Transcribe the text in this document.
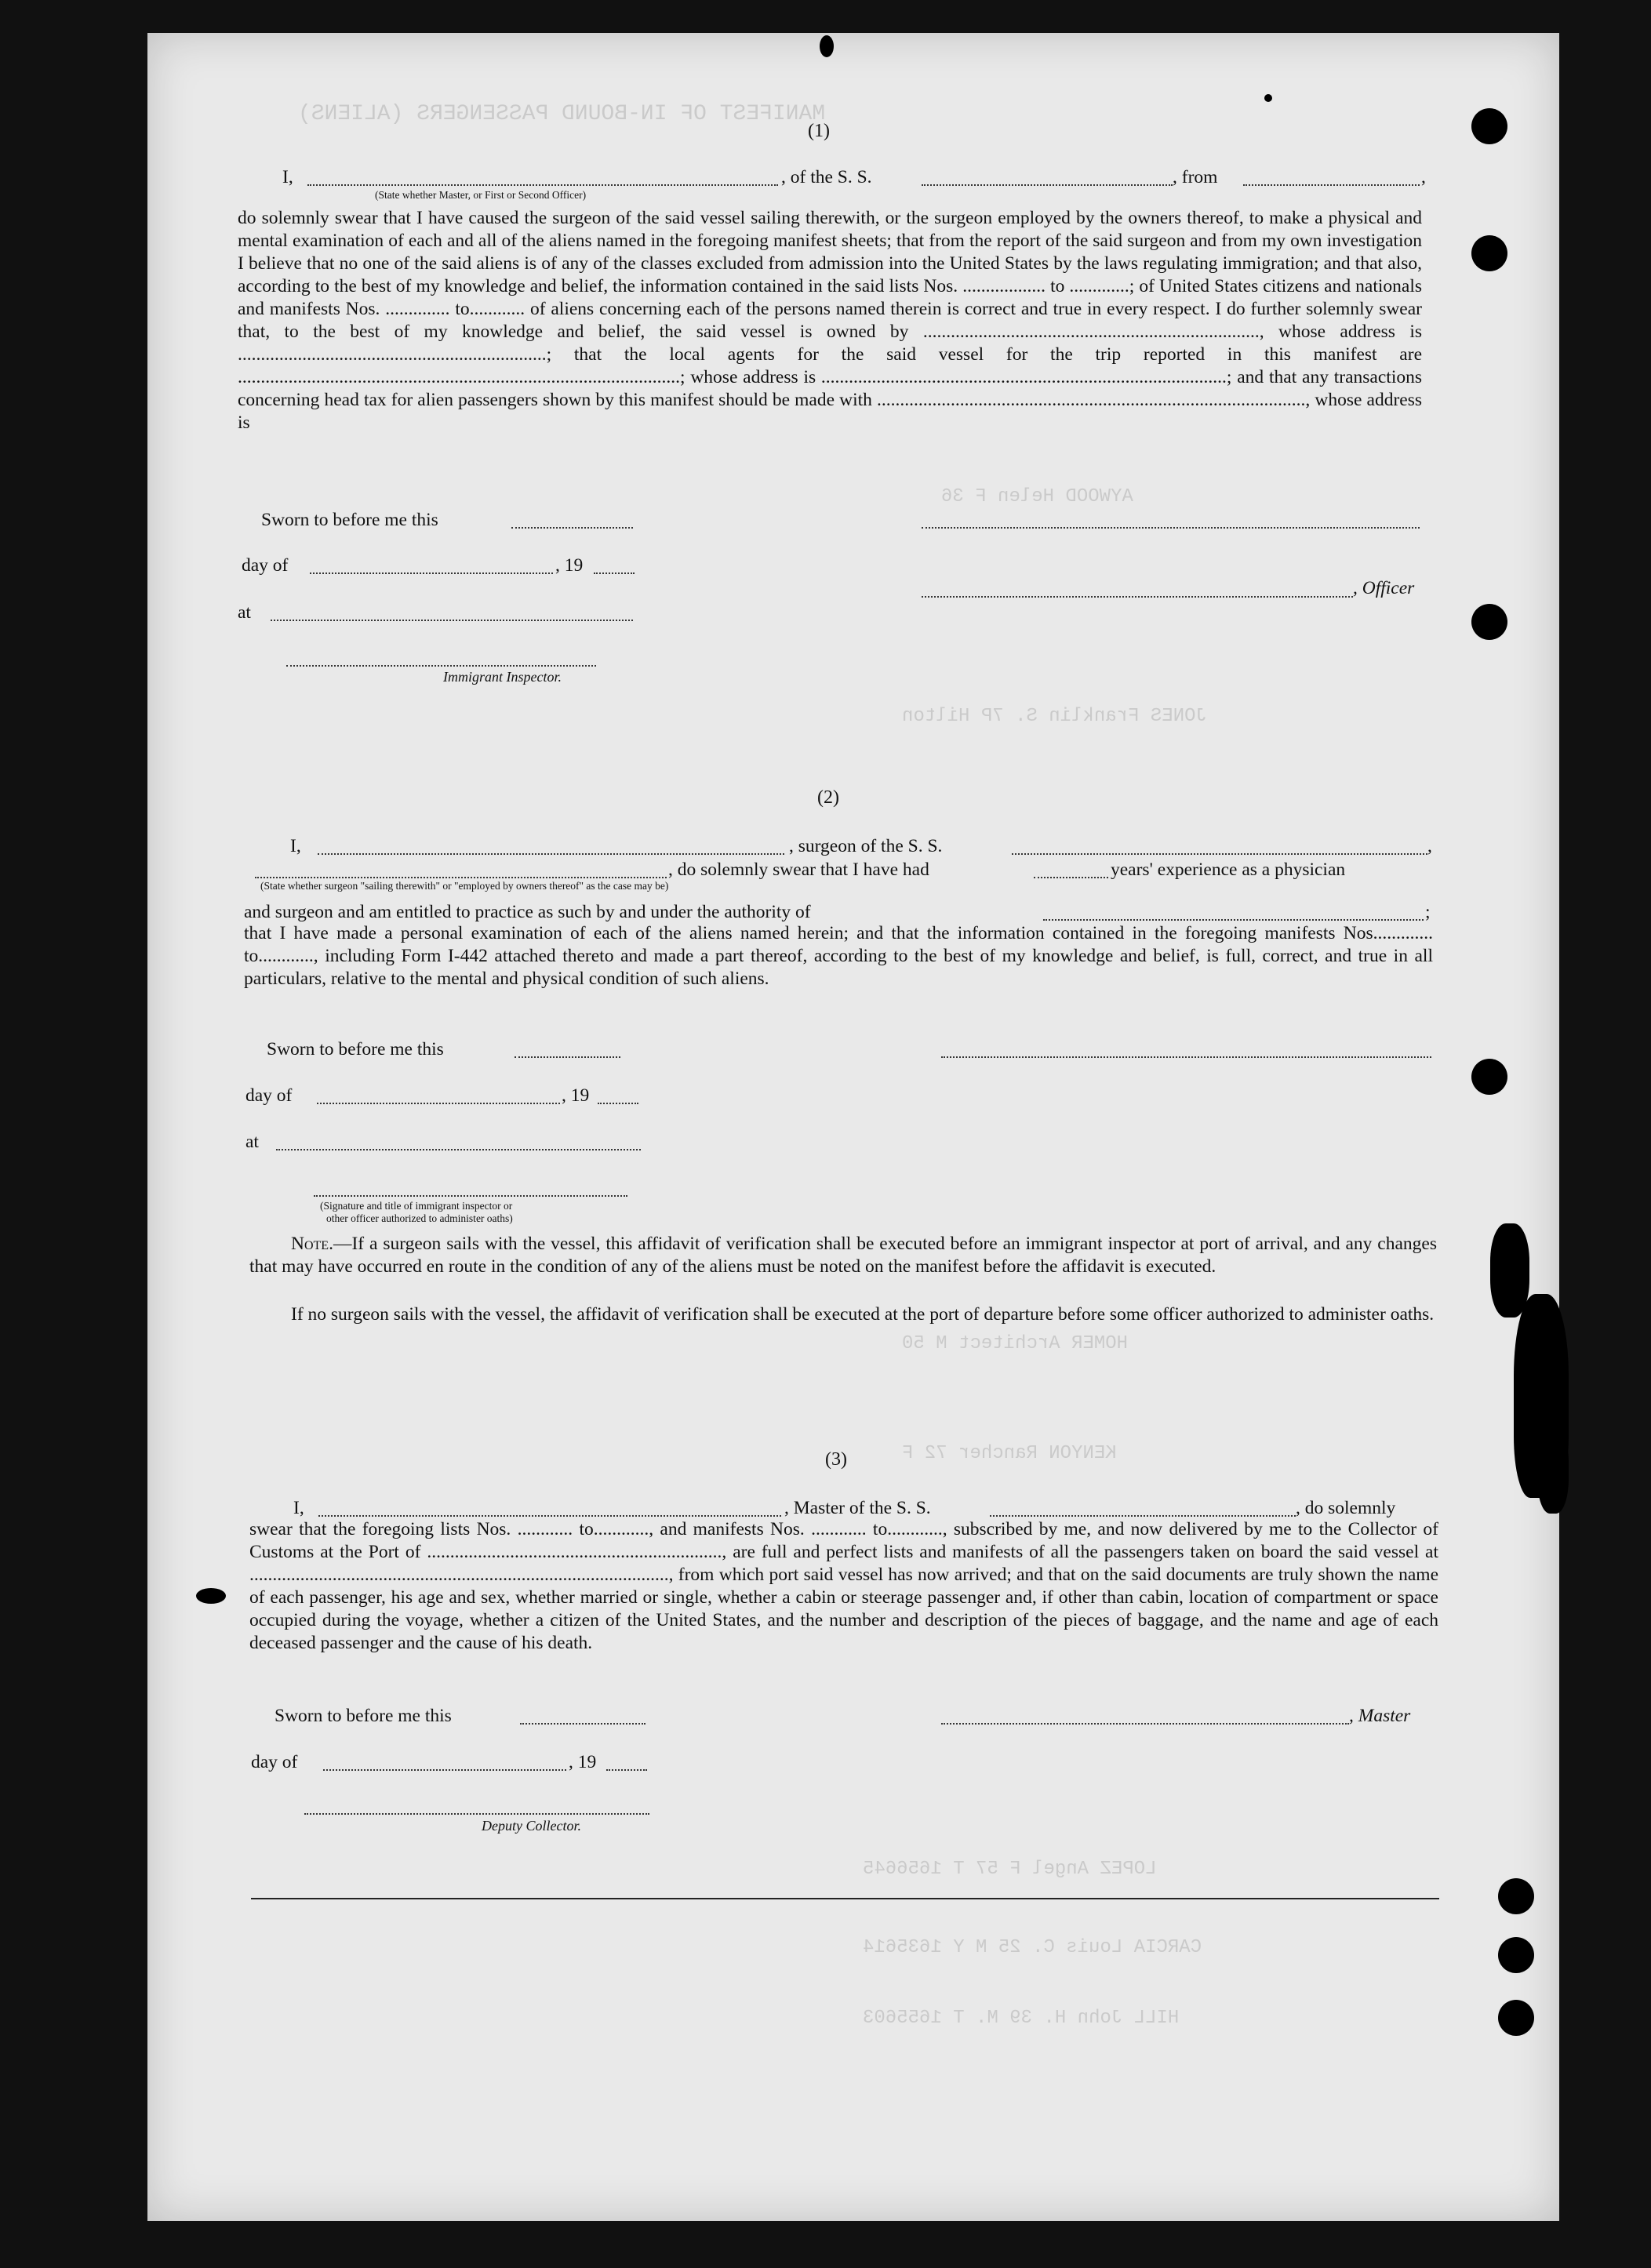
MANIFEST OF IN-BOUND PASSENGERS (ALIENS)
AYWOOD Helen F 36
JONES Franklin S. 7P Hilton
HOMER Architect M 50
KENYON Rancher 72 F
LOPEZ Angel F 57 T 1656645
CARCIA Louis C. 25 M Y 1635614
HILL John H. 39 M. T 1655603
(1)
I,	, of the S. S.	, from	,
(State whether Master, or First or Second Officer)
do solemnly swear that I have caused the surgeon of the said vessel sailing therewith, or the surgeon employed by the owners thereof, to make a physical and mental examination of each and all of the aliens named in the foregoing manifest sheets; that from the report of the said surgeon and from my own investigation I believe that no one of the said aliens is of any of the classes excluded from admission into the United States by the laws regulating immigration; and that also, according to the best of my knowledge and belief, the information contained in the said lists Nos. .................. to .............; of United States citizens and nationals and manifests Nos. .............. to............ of aliens concerning each of the persons named therein is correct and true in every respect. I do further solemnly swear that, to the best of my knowledge and belief, the said vessel is owned by ........................................................................., whose address is ...................................................................; that the local agents for the said vessel for the trip reported in this manifest are ................................................................................................; whose address is ........................................................................................; and that any transactions concerning head tax for alien passengers shown by this manifest should be made with ............................................................................................., whose address is
Sworn to before me this
day of	, 19
, Officer
at
Immigrant Inspector.
(2)
I,	, surgeon of the S. S.	,
, do solemnly swear that I have had	years' experience as a physician
(State whether surgeon "sailing therewith" or "employed by owners thereof" as the case may be)
and surgeon and am entitled to practice as such by and under the authority of	;
that I have made a personal examination of each of the aliens named herein; and that the information contained in the foregoing manifests Nos............. to............, including Form I-442 attached thereto and made a part thereof, according to the best of my knowledge and belief, is full, correct, and true in all particulars, relative to the mental and physical condition of such aliens.
Sworn to before me this
day of	, 19
at
(Signature and title of immigrant inspector or
other officer authorized to administer oaths)
Note.—If a surgeon sails with the vessel, this affidavit of verification shall be executed before an immigrant inspector at port of arrival, and any changes that may have occurred en route in the condition of any of the aliens must be noted on the manifest before the affidavit is executed.
If no surgeon sails with the vessel, the affidavit of verification shall be executed at the port of departure before some officer authorized to administer oaths.
(3)
I,	, Master of the S. S.	, do solemnly
swear that the foregoing lists Nos. ............ to............, and manifests Nos. ............ to............, subscribed by me, and now delivered by me to the Collector of Customs at the Port of ................................................................, are full and perfect lists and manifests of all the passengers taken on board the said vessel at ..........................................................................................., from which port said vessel has now arrived; and that on the said documents are truly shown the name of each passenger, his age and sex, whether married or single, whether a cabin or steerage passenger and, if other than cabin, location of compartment or space occupied during the voyage, whether a citizen of the United States, and the number and description of the pieces of baggage, and the name and age of each deceased passenger and the cause of his death.
Sworn to before me this	, Master
day of	, 19
Deputy Collector.
